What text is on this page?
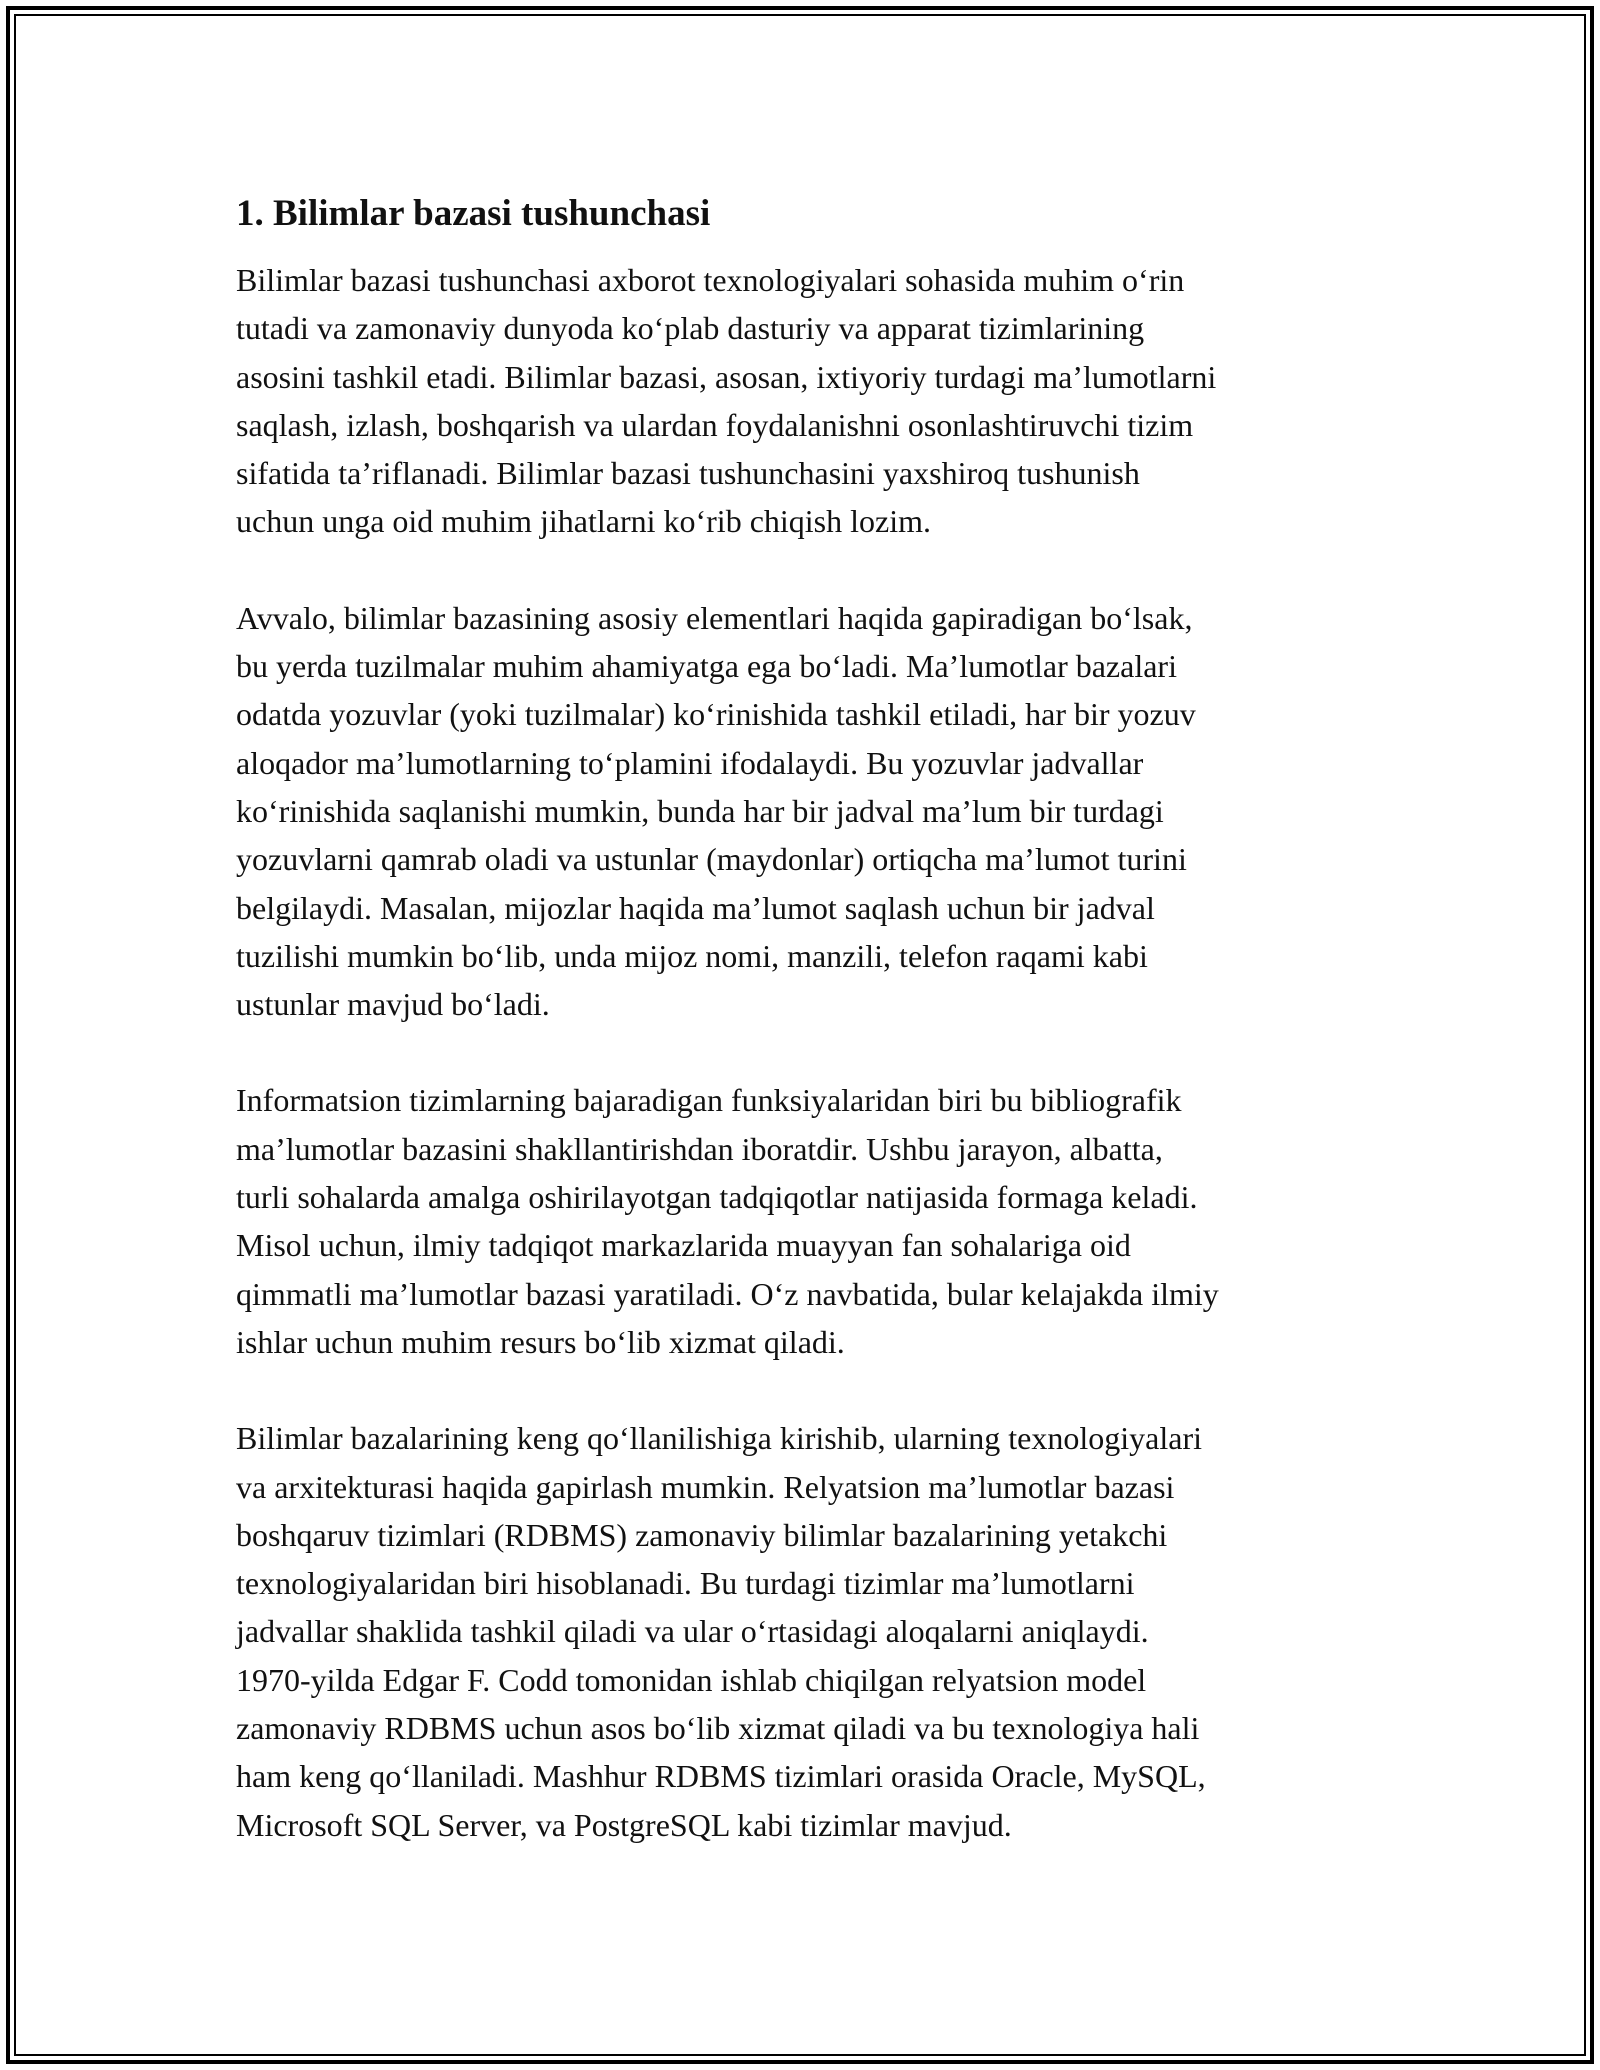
1. Bilimlar bazasi tushunchasi

Bilimlar bazasi tushunchasi axborot texnologiyalari sohasida muhim o‘rin
tutadi va zamonaviy dunyoda ko‘plab dasturiy va apparat tizimlarining
asosini tashkil etadi. Bilimlar bazasi, asosan, ixtiyoriy turdagi ma’lumotlarni
saqlash, izlash, boshqarish va ulardan foydalanishni osonlashtiruvchi tizim
sifatida ta’riflanadi. Bilimlar bazasi tushunchasini yaxshiroq tushunish
uchun unga oid muhim jihatlarni ko‘rib chiqish lozim.

Avvalo, bilimlar bazasining asosiy elementlari haqida gapiradigan bo‘lsak,
bu yerda tuzilmalar muhim ahamiyatga ega bo‘ladi. Ma’lumotlar bazalari
odatda yozuvlar (yoki tuzilmalar) ko‘rinishida tashkil etiladi, har bir yozuv
aloqador ma’lumotlarning to‘plamini ifodalaydi. Bu yozuvlar jadvallar
ko‘rinishida saqlanishi mumkin, bunda har bir jadval ma’lum bir turdagi
yozuvlarni qamrab oladi va ustunlar (maydonlar) ortiqcha ma’lumot turini
belgilaydi. Masalan, mijozlar haqida ma’lumot saqlash uchun bir jadval
tuzilishi mumkin bo‘lib, unda mijoz nomi, manzili, telefon raqami kabi
ustunlar mavjud bo‘ladi.

Informatsion tizimlarning bajaradigan funksiyalaridan biri bu bibliografik
ma’lumotlar bazasini shakllantirishdan iboratdir. Ushbu jarayon, albatta,
turli sohalarda amalga oshirilayotgan tadqiqotlar natijasida formaga keladi.
Misol uchun, ilmiy tadqiqot markazlarida muayyan fan sohalariga oid
qimmatli ma’lumotlar bazasi yaratiladi. O‘z navbatida, bular kelajakda ilmiy
ishlar uchun muhim resurs bo‘lib xizmat qiladi.

Bilimlar bazalarining keng qo‘llanilishiga kirishib, ularning texnologiyalari
va arxitekturasi haqida gapirlash mumkin. Relyatsion ma’lumotlar bazasi
boshqaruv tizimlari (RDBMS) zamonaviy bilimlar bazalarining yetakchi
texnologiyalaridan biri hisoblanadi. Bu turdagi tizimlar ma’lumotlarni
jadvallar shaklida tashkil qiladi va ular o‘rtasidagi aloqalarni aniqlaydi.
1970-yilda Edgar F. Codd tomonidan ishlab chiqilgan relyatsion model
zamonaviy RDBMS uchun asos bo‘lib xizmat qiladi va bu texnologiya hali
ham keng qo‘llaniladi. Mashhur RDBMS tizimlari orasida Oracle, MySQL,
Microsoft SQL Server, va PostgreSQL kabi tizimlar mavjud.
